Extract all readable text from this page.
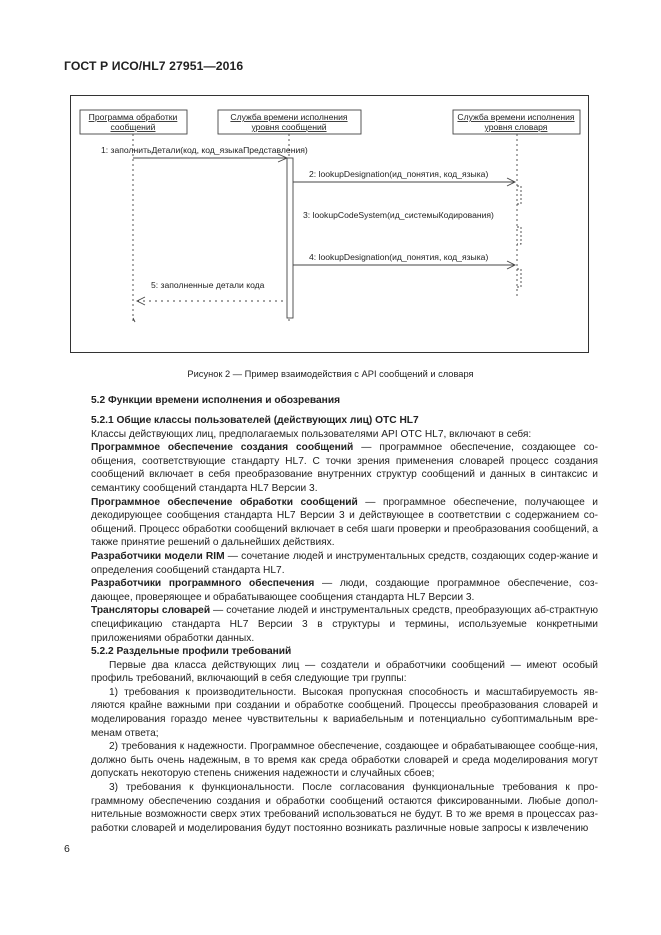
ГОСТ Р ИСО/HL7 27951—2016
Программа обработки
сообщений
Служба времени исполнения
уровня сообщений
Служба времени исполнения
уровня словаря
1: заполнитьДетали(код, код_языкаПредставления)
2: lookupDesignation(ид_понятия, код_языка)
3: lookupCodeSystem(ид_системыКодирования)
4: lookupDesignation(ид_понятия, код_языка)
5: заполненные детали кода
Рисунок 2 — Пример взаимодействия с API сообщений и словаря

5.2 Функции времени исполнения и обозревания

5.2.1 Общие классы пользователей (действующих лиц) OTC HL7

Классы действующих лиц, предполагаемых пользователями API OTC HL7, включают в себя:

Программное обеспечение создания сообщений — программное обеспечение, создающее со-общения, соответствующие стандарту HL7. С точки зрения применения словарей процесс создания сообщений включает в себя преобразование внутренних структур сообщений и данных в синтаксис и семантику сообщений стандарта HL7 Версии 3.

Программное обеспечение обработки сообщений — программное обеспечение, получающее и декодирующее сообщения стандарта HL7 Версии 3 и действующее в соответствии с содержанием со-общений. Процесс обработки сообщений включает в себя шаги проверки и преобразования сообщений, а также принятие решений о дальнейших действиях.

Разработчики модели RIM — сочетание людей и инструментальных средств, создающих содер-жание и определения сообщений стандарта HL7.

Разработчики программного обеспечения — люди, создающие программное обеспечение, соз-дающее, проверяющее и обрабатывающее сообщения стандарта HL7 Версии 3.

Трансляторы словарей — сочетание людей и инструментальных средств, преобразующих аб-страктную спецификацию стандарта HL7 Версии 3 в структуры и термины, используемые конкретными приложениями обработки данных.

5.2.2 Раздельные профили требований

Первые два класса действующих лиц — создатели и обработчики сообщений — имеют особый профиль требований, включающий в себя следующие три группы:

1) требования к производительности. Высокая пропускная способность и масштабируемость яв-ляются крайне важными при создании и обработке сообщений. Процессы преобразования словарей и моделирования гораздо менее чувствительны к вариабельным и потенциально субоптимальным вре-менам ответа;

2) требования к надежности. Программное обеспечение, создающее и обрабатывающее сообще-ния, должно быть очень надежным, в то время как среда обработки словарей и среда моделирования могут допускать некоторую степень снижения надежности и случайных сбоев;

3) требования к функциональности. После согласования функциональные требования к про-граммному обеспечению создания и обработки сообщений остаются фиксированными. Любые допол-нительные возможности сверх этих требований использоваться не будут. В то же время в процессах раз-работки словарей и моделирования будут постоянно возникать различные новые запросы к извлечению

6
